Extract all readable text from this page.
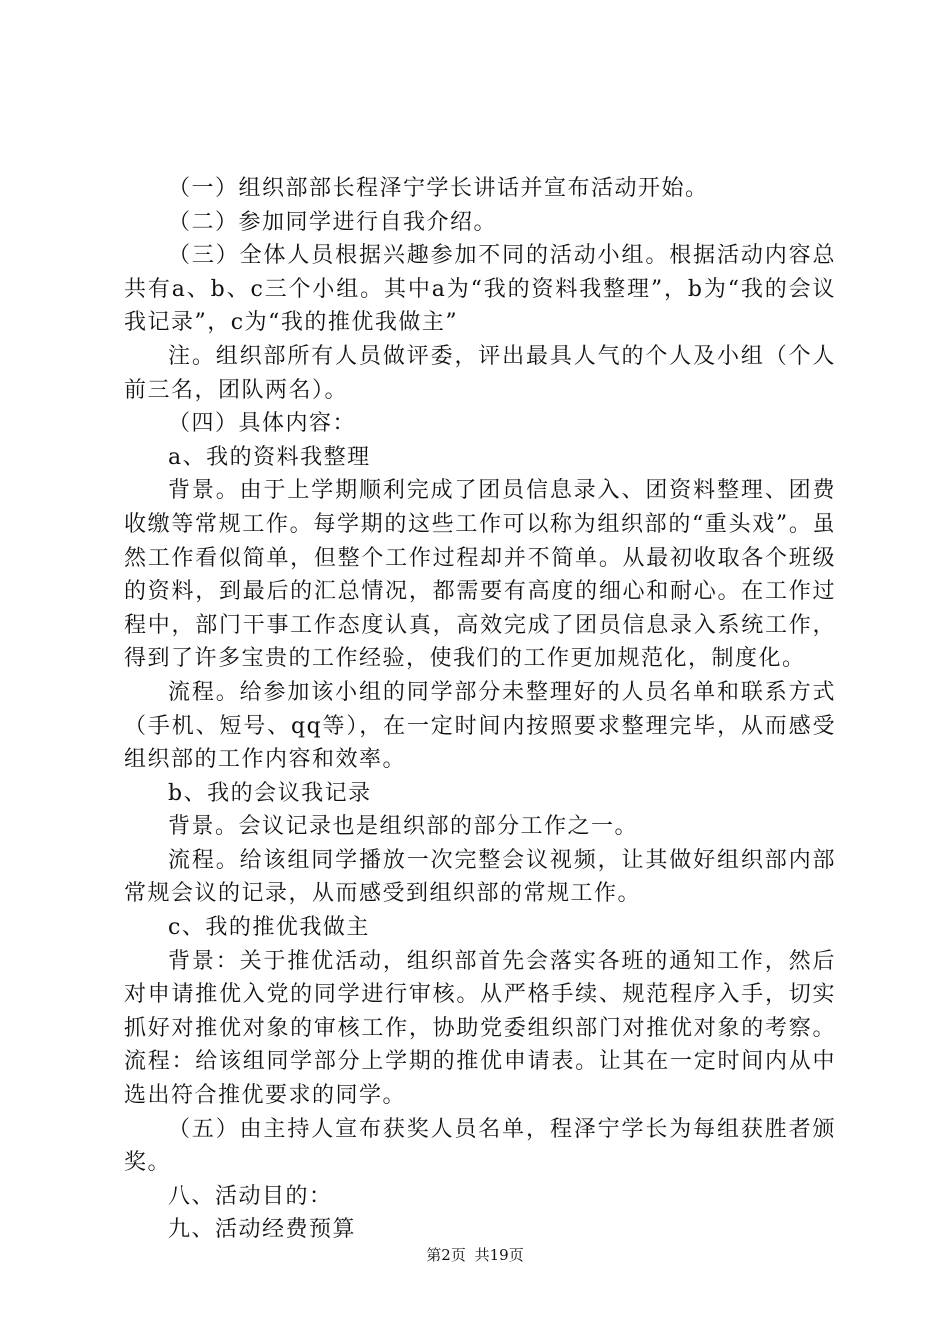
（一）组织部部长程泽宁学长讲话并宣布活动开始。

（二）参加同学进行自我介绍。

（三）全体人员根据兴趣参加不同的活动小组。根据活动内容总共有a、b、c三个小组。其中a为“我的资料我整理”，b为“我的会议我记录”，c为“我的推优我做主”

注。组织部所有人员做评委，评出最具人气的个人及小组（个人前三名，团队两名）。

（四）具体内容：

a、我的资料我整理

背景。由于上学期顺利完成了团员信息录入、团资料整理、团费收缴等常规工作。每学期的这些工作可以称为组织部的“重头戏”。虽然工作看似简单，但整个工作过程却并不简单。从最初收取各个班级的资料，到最后的汇总情况，都需要有高度的细心和耐心。在工作过程中，部门干事工作态度认真，高效完成了团员信息录入系统工作，得到了许多宝贵的工作经验，使我们的工作更加规范化，制度化。

流程。给参加该小组的同学部分未整理好的人员名单和联系方式（手机、短号、qq等），在一定时间内按照要求整理完毕，从而感受组织部的工作内容和效率。

b、我的会议我记录

背景。会议记录也是组织部的部分工作之一。

流程。给该组同学播放一次完整会议视频，让其做好组织部内部常规会议的记录，从而感受到组织部的常规工作。

c、我的推优我做主

背景：关于推优活动，组织部首先会落实各班的通知工作，然后对申请推优入党的同学进行审核。从严格手续、规范程序入手，切实抓好对推优对象的审核工作，协助党委组织部门对推优对象的考察。流程：给该组同学部分上学期的推优申请表。让其在一定时间内从中选出符合推优要求的同学。

（五）由主持人宣布获奖人员名单，程泽宁学长为每组获胜者颁奖。

八、活动目的：

九、活动经费预算

第2页 共19页
